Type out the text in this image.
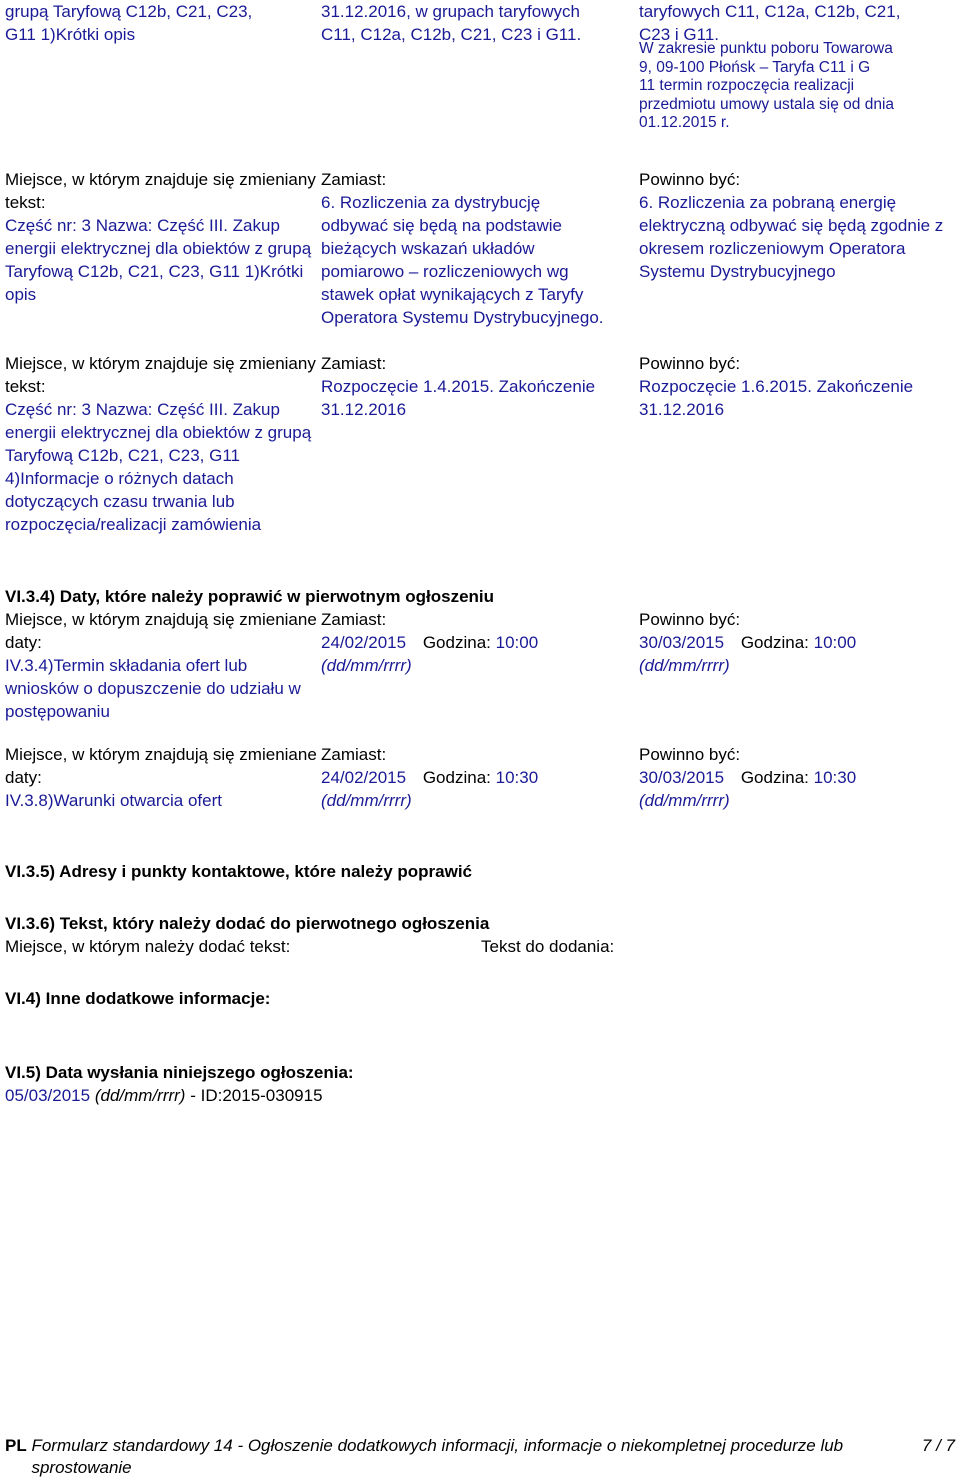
grupą Taryfową C12b, C21, C23,
G11 1)Krótki opis
31.12.2016, w grupach taryfowych
C11, C12a, C12b, C21, C23 i G11.
taryfowych C11, C12a, C12b, C21,
C23 i G11.
W zakresie punktu poboru Towarowa
9, 09-100 Płońsk – Taryfa C11 i G
11 termin rozpoczęcia realizacji
przedmiotu umowy ustala się od dnia
01.12.2015 r.
Miejsce, w którym znajduje się zmieniany tekst:
Część nr: 3 Nazwa: Część III. Zakup energii elektrycznej dla obiektów z grupą Taryfową C12b, C21, C23, G11 1)Krótki opis
Zamiast:
6. Rozliczenia za dystrybucję odbywać się będą na podstawie bieżących wskazań układów pomiarowo – rozliczeniowych wg stawek opłat wynikających z Taryfy Operatora Systemu Dystrybucyjnego.
Powinno być:
6. Rozliczenia za pobraną energię elektryczną odbywać się będą zgodnie z okresem rozliczeniowym Operatora Systemu Dystrybucyjnego
Miejsce, w którym znajduje się zmieniany tekst:
Część nr: 3 Nazwa: Część III. Zakup energii elektrycznej dla obiektów z grupą Taryfową C12b, C21, C23, G11 4)Informacje o różnych datach dotyczących czasu trwania lub rozpoczęcia/realizacji zamówienia
Zamiast:
Rozpoczęcie 1.4.2015. Zakończenie 31.12.2016
Powinno być:
Rozpoczęcie 1.6.2015. Zakończenie 31.12.2016
VI.3.4) Daty, które należy poprawić w pierwotnym ogłoszeniu
Miejsce, w którym znajdują się zmieniane daty:
IV.3.4)Termin składania ofert lub wniosków o dopuszczenie do udziału w postępowaniu
Zamiast:
24/02/2015 Godzina: 10:00
(dd/mm/rrrr)
Powinno być:
30/03/2015 Godzina: 10:00
(dd/mm/rrrr)
Miejsce, w którym znajdują się zmieniane daty:
IV.3.8)Warunki otwarcia ofert
Zamiast:
24/02/2015 Godzina: 10:30
(dd/mm/rrrr)
Powinno być:
30/03/2015 Godzina: 10:30
(dd/mm/rrrr)
VI.3.5) Adresy i punkty kontaktowe, które należy poprawić
VI.3.6) Tekst, który należy dodać do pierwotnego ogłoszenia
Miejsce, w którym należy dodać tekst:	Tekst do dodania:
VI.4) Inne dodatkowe informacje:
VI.5) Data wysłania niniejszego ogłoszenia:
05/03/2015 (dd/mm/rrrr) - ID:2015-030915
PL Formularz standardowy 14 - Ogłoszenie dodatkowych informacji, informacje o niekompletnej procedurze lub sprostowanie
7 / 7
